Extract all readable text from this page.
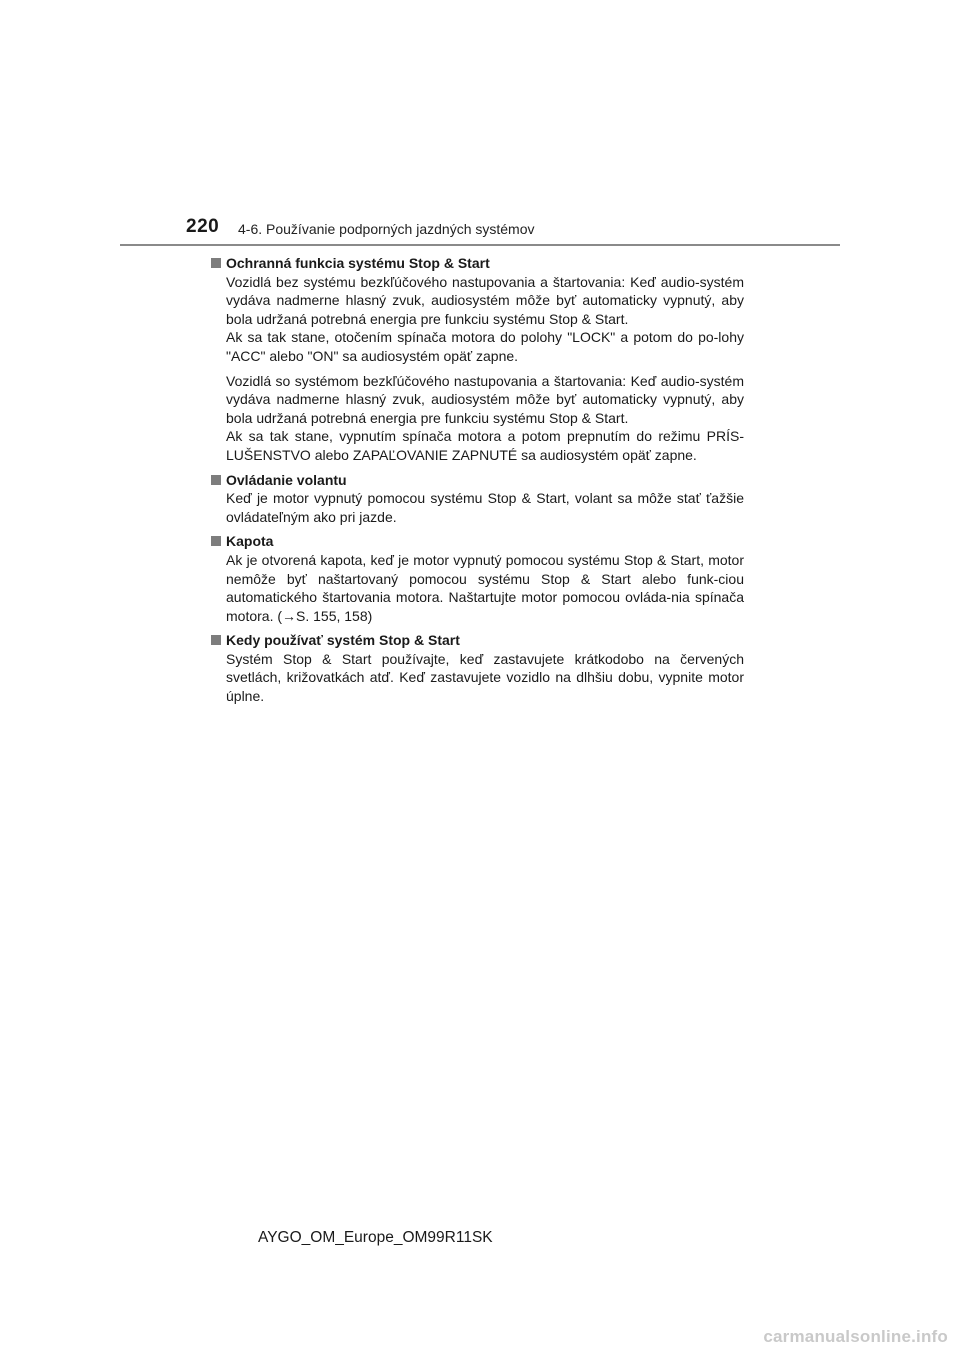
220 4-6. Používanie podporných jazdných systémov
Ochranná funkcia systému Stop & Start

Vozidlá bez systému bezkľúčového nastupovania a štartovania: Keď audio-systém vydáva nadmerne hlasný zvuk, audiosystém môže byť automaticky vypnutý, aby bola udržaná potrebná energia pre funkciu systému Stop & Start.

Ak sa tak stane, otočením spínača motora do polohy "LOCK" a potom do po-lohy "ACC" alebo "ON" sa audiosystém opäť zapne.

Vozidlá so systémom bezkľúčového nastupovania a štartovania: Keď audio-systém vydáva nadmerne hlasný zvuk, audiosystém môže byť automaticky vypnutý, aby bola udržaná potrebná energia pre funkciu systému Stop & Start.

Ak sa tak stane, vypnutím spínača motora a potom prepnutím do režimu PRÍS-LUŠENSTVO alebo ZAPAĽOVANIE ZAPNUTÉ sa audiosystém opäť zapne.

Ovládanie volantu

Keď je motor vypnutý pomocou systému Stop & Start, volant sa môže stať ťažšie ovládateľným ako pri jazde.

Kapota

Ak je otvorená kapota, keď je motor vypnutý pomocou systému Stop & Start, motor nemôže byť naštartovaný pomocou systému Stop & Start alebo funk-ciou automatického štartovania motora. Naštartujte motor pomocou ovláda-nia spínača motora. (→S. 155, 158)

Kedy používať systém Stop & Start

Systém Stop & Start používajte, keď zastavujete krátkodobo na červených svetlách, križovatkách atď. Keď zastavujete vozidlo na dlhšiu dobu, vypnite motor úplne.

AYGO_OM_Europe_OM99R11SK
carmanualsonline.info
